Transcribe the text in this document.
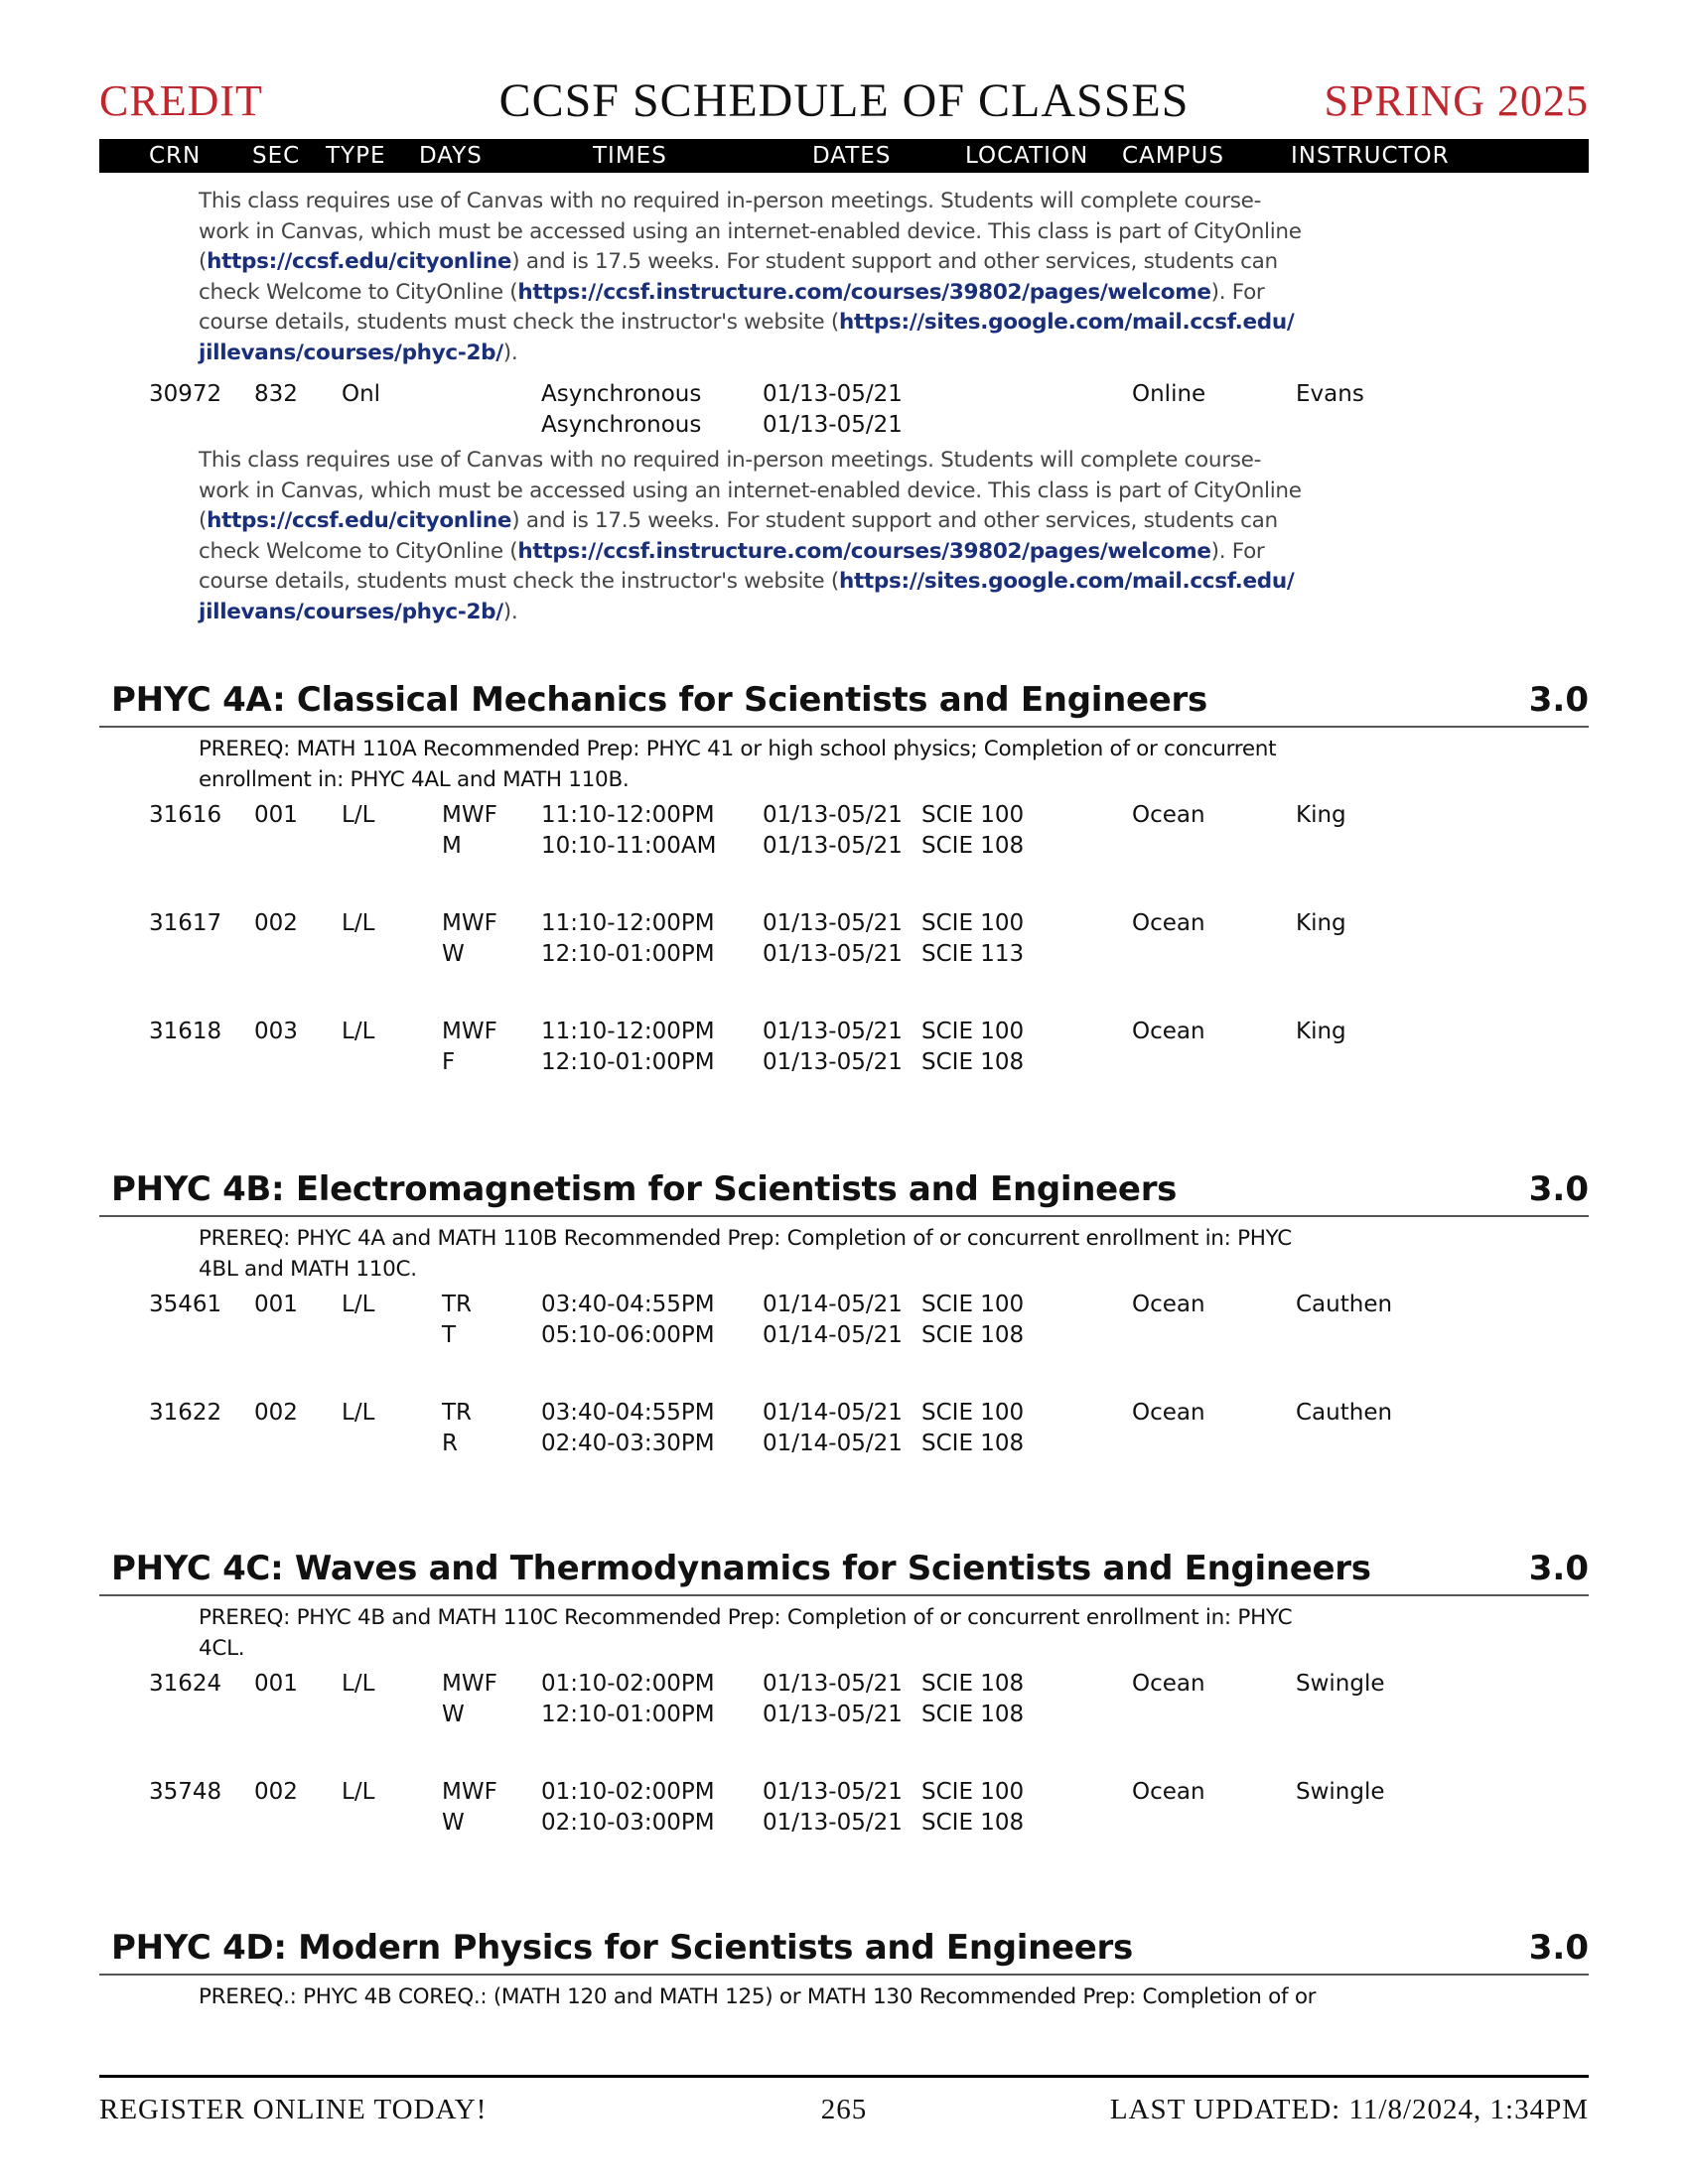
CCSF SCHEDULE OF CLASSES
CREDIT	SPRING 2025
CRN SEC TYPE DAYS	TIMES	DATES	LOCATION CAMPUS	INSTRUCTOR
This class requires use of Canvas with no required in-person meetings. Students will complete course-
work in Canvas, which must be accessed using an internet-enabled device. This class is part of CityOnline
(https://ccsf.edu/cityonline) and is 17.5 weeks. For student support and other services, students can
check Welcome to CityOnline (https://ccsf.instructure.com/courses/39802/pages/welcome). For
course details, students must check the instructor's website (https://sites.google.com/mail.ccsf.edu/
jillevans/courses/phyc-2b/).
30972 832 Onl	Asynchronous	01/13-05/21	Online	Evans
Asynchronous	01/13-05/21
This class requires use of Canvas with no required in-person meetings. Students will complete course-
work in Canvas, which must be accessed using an internet-enabled device. This class is part of CityOnline
(https://ccsf.edu/cityonline) and is 17.5 weeks. For student support and other services, students can
check Welcome to CityOnline (https://ccsf.instructure.com/courses/39802/pages/welcome). For
course details, students must check the instructor's website (https://sites.google.com/mail.ccsf.edu/
jillevans/courses/phyc-2b/).
PHYC 4A: Classical Mechanics for Scientists and Engineers	3.0
PREREQ: MATH 110A Recommended Prep: PHYC 41 or high school physics; Completion of or concurrent
enrollment in: PHYC 4AL and MATH 110B.
31616 001 L/L	MWF 11:10-12:00PM 01/13-05/21 SCIE 100	Ocean	King
M	10:10-11:00AM 01/13-05/21 SCIE 108
31617 002 L/L	MWF 11:10-12:00PM 01/13-05/21 SCIE 100	Ocean	King
W	12:10-01:00PM 01/13-05/21 SCIE 113
31618 003 L/L	MWF 11:10-12:00PM 01/13-05/21 SCIE 100	Ocean	King
F	12:10-01:00PM 01/13-05/21 SCIE 108
PHYC 4B: Electromagnetism for Scientists and Engineers	3.0
PREREQ: PHYC 4A and MATH 110B Recommended Prep: Completion of or concurrent enrollment in: PHYC
4BL and MATH 110C.
35461 001 L/L	TR	03:40-04:55PM 01/14-05/21 SCIE 100	Ocean	Cauthen
T	05:10-06:00PM 01/14-05/21 SCIE 108
31622 002 L/L	TR	03:40-04:55PM 01/14-05/21 SCIE 100	Ocean	Cauthen
R	02:40-03:30PM 01/14-05/21 SCIE 108
PHYC 4C: Waves and Thermodynamics for Scientists and Engineers	3.0
PREREQ: PHYC 4B and MATH 110C Recommended Prep: Completion of or concurrent enrollment in: PHYC
4CL.
31624 001 L/L	MWF 01:10-02:00PM 01/13-05/21 SCIE 108	Ocean	Swingle
W	12:10-01:00PM 01/13-05/21 SCIE 108
35748 002 L/L	MWF 01:10-02:00PM 01/13-05/21 SCIE 100	Ocean	Swingle
W	02:10-03:00PM 01/13-05/21 SCIE 108
PHYC 4D: Modern Physics for Scientists and Engineers	3.0
PREREQ.: PHYC 4B COREQ.: (MATH 120 and MATH 125) or MATH 130 Recommended Prep: Completion of or
REGISTER ONLINE TODAY!	265	LAST UPDATED: 11/8/2024, 1:34PM
